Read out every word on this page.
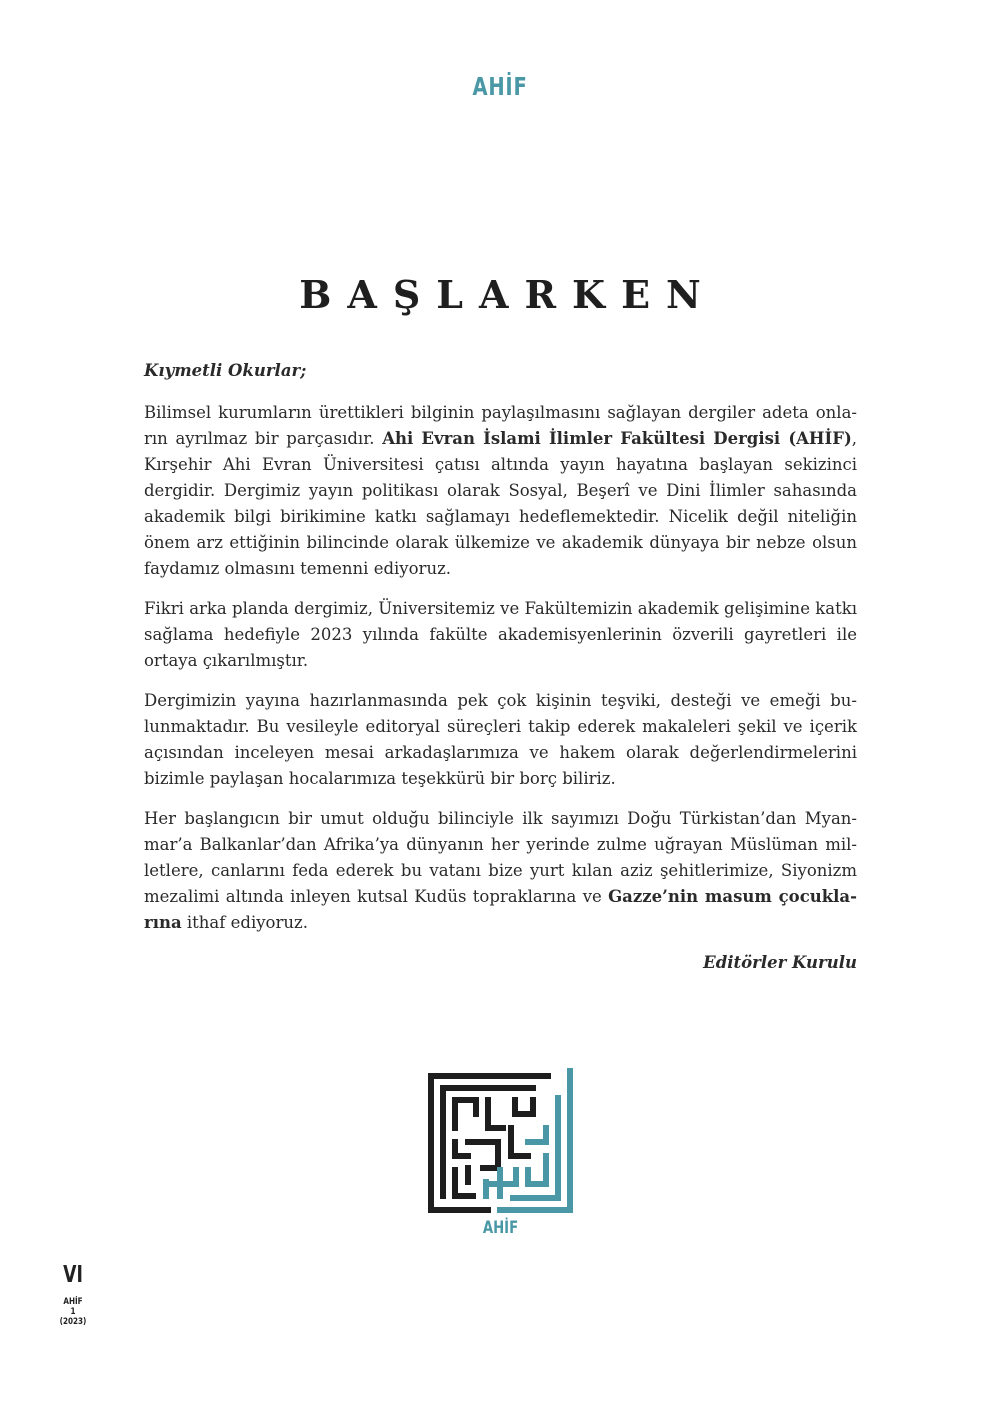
AHİF
BAŞLARKEN
Kıymetli Okurlar;

Bilimsel kurumların ürettikleri bilginin paylaşılmasını sağlayan dergiler adeta onların ayrılmaz bir parçasıdır. Ahi Evran İslami İlimler Fakültesi Dergisi (AHİF), Kırşehir Ahi Evran Üniversitesi çatısı altında yayın hayatına başlayan sekizinci dergidir. Dergimiz yayın politikası olarak Sosyal, Beşerî ve Dini İlimler sahasında akademik bilgi birikimine katkı sağlamayı hedeflemektedir. Nicelik değil niteliğin önem arz ettiğinin bilincinde olarak ülkemize ve akademik dünyaya bir nebze olsun faydamız olmasını temenni ediyoruz.

Fikri arka planda dergimiz, Üniversitemiz ve Fakültemizin akademik gelişimine katkı sağlama hedefiyle 2023 yılında fakülte akademisyenlerinin özverili gayretleri ile ortaya çıkarılmıştır.

Dergimizin yayına hazırlanmasında pek çok kişinin teşviki, desteği ve emeği bulunmaktadır. Bu vesileyle editoryal süreçleri takip ederek makaleleri şekil ve içerik açısından inceleyen mesai arkadaşlarımıza ve hakem olarak değerlendirmelerini bizimle paylaşan hocalarımıza teşekkürü bir borç biliriz.

Her başlangıcın bir umut olduğu bilinciyle ilk sayımızı Doğu Türkistan’dan Myanmar’a Balkanlar’dan Afrika’ya dünyanın her yerinde zulme uğrayan Müslüman milletlere, canlarını feda ederek bu vatanı bize yurt kılan aziz şehitlerimize, Siyonizm mezalimi altında inleyen kutsal Kudüs topraklarına ve Gazze’nin masum çocuklarına ithaf ediyoruz.

Editörler Kurulu
AHİF
VI
AHİF
1 (2023)
